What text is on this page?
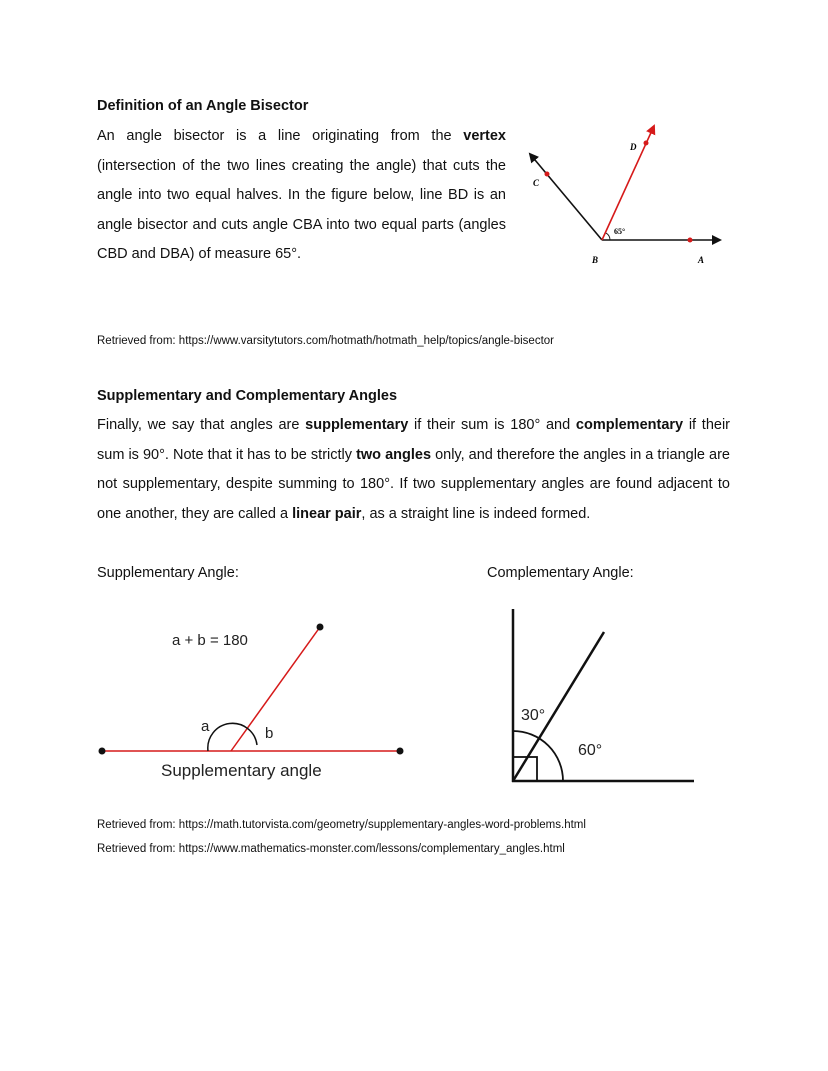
Definition of an Angle Bisector
An angle bisector is a line originating from the vertex (intersection of the two lines creating the angle) that cuts the angle into two equal halves. In the figure below, line BD is an angle bisector and cuts angle CBA into two equal parts (angles CBD and DBA) of measure 65°.
C
D
65°
B	A
Retrieved from: https://www.varsitytutors.com/hotmath/hotmath_help/topics/angle-bisector
Supplementary and Complementary Angles
Finally, we say that angles are supplementary if their sum is 180° and complementary if their sum is 90°. Note that it has to be strictly two angles only, and therefore the angles in a triangle are not supplementary, despite summing to 180°. If two supplementary angles are found adjacent to one another, they are called a linear pair, as a straight line is indeed formed.
Supplementary Angle:	Complementary Angle:
a + b = 180
a	b
Supplementary angle
30°
60°
Retrieved from: https://math.tutorvista.com/geometry/supplementary-angles-word-problems.html
Retrieved from: https://www.mathematics-monster.com/lessons/complementary_angles.html
